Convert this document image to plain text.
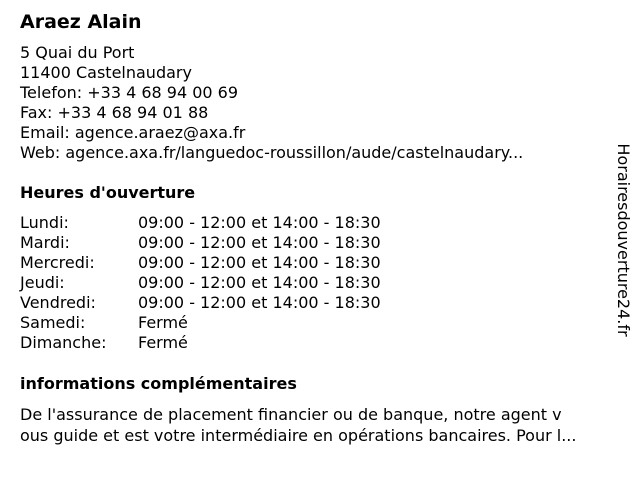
Araez Alain
5 Quai du Port
11400 Castelnaudary
Telefon: +33 4 68 94 00 69
Fax: +33 4 68 94 01 88
Email: agence.araez@axa.fr
Web: agence.axa.fr/languedoc-roussillon/aude/castelnaudary...
Heures d'ouverture
Lundi:	09:00 - 12:00 et 14:00 - 18:30
Mardi:	09:00 - 12:00 et 14:00 - 18:30
Mercredi:	09:00 - 12:00 et 14:00 - 18:30
Jeudi:	09:00 - 12:00 et 14:00 - 18:30
Vendredi:	09:00 - 12:00 et 14:00 - 18:30
Samedi:	Fermé
Dimanche:	Fermé
informations complémentaires
De l'assurance de placement financier ou de banque, notre agent v
ous guide et est votre intermédiaire en opérations bancaires. Pour l...
Horairesdouverture24.fr
